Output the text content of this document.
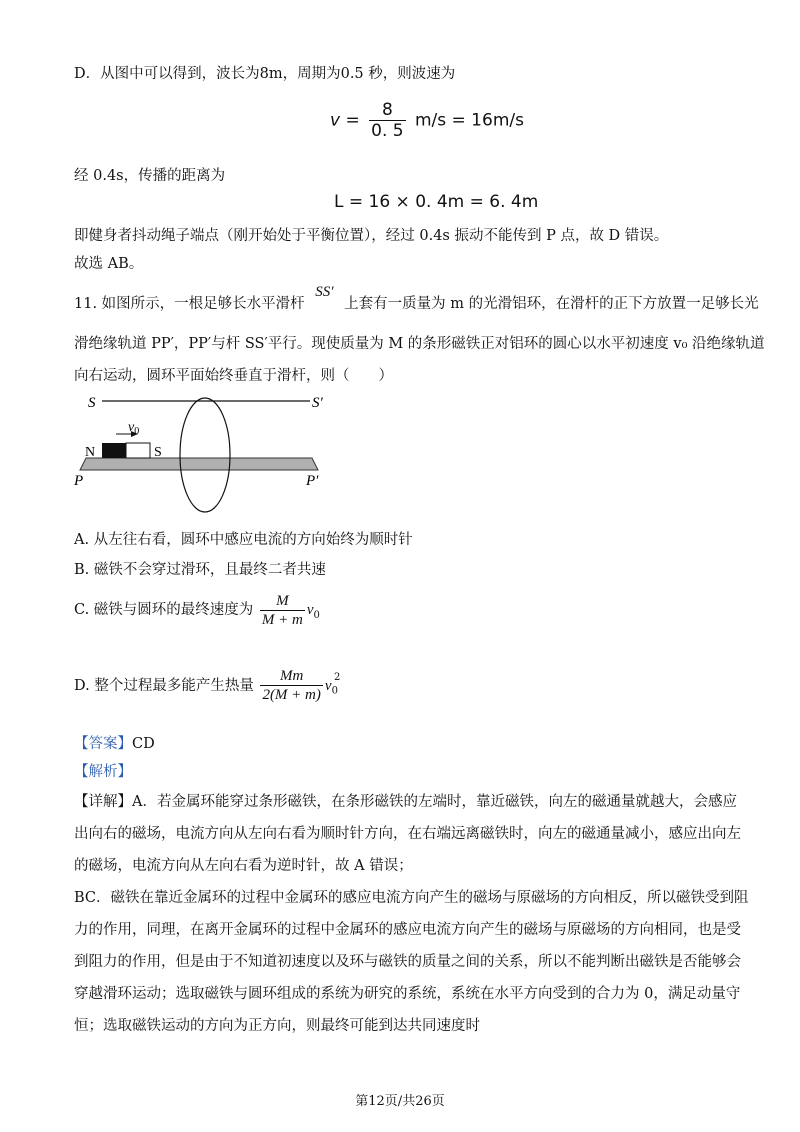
D．从图中可以得到，波长为8m，周期为0.5 秒，则波速为
$v = \frac{8}{0. 5} m/s = 16m/s$
经 0.4s，传播的距离为
L = 16 × 0. 4m = 6. 4m
即健身者抖动绳子端点（刚开始处于平衡位置），经过 0.4s 振动不能传到 P 点，故 D 错误。
故选 AB。
11. 如图所示，一根足够长水平滑杆 SS′ 上套有一质量为 m 的光滑铝环，在滑杆的正下方放置一足够长光
滑绝缘轨道 PP′，PP′与杆 SS′平行。现使质量为 M 的条形磁铁正对铝环的圆心以水平初速度 v₀ 沿绝缘轨道
向右运动，圆环平面始终垂直于滑杆，则（　　）
S	S′
P	P′
N	S
$v_0$
A. 从左往右看，圆环中感应电流的方向始终为顺时针
B. 磁铁不会穿过滑环，且最终二者共速
C. 磁铁与圆环的最终速度为 $\frac{M}{M + m} v_0$
D. 整个过程最多能产生热量 $\frac{Mm}{2(M + m)} v_0^2$
【答案】CD
【解析】
【详解】A．若金属环能穿过条形磁铁，在条形磁铁的左端时，靠近磁铁，向左的磁通量就越大，会感应
出向右的磁场，电流方向从左向右看为顺时针方向，在右端远离磁铁时，向左的磁通量减小，感应出向左
的磁场，电流方向从左向右看为逆时针，故 A 错误；
BC．磁铁在靠近金属环的过程中金属环的感应电流方向产生的磁场与原磁场的方向相反，所以磁铁受到阻
力的作用，同理，在离开金属环的过程中金属环的感应电流方向产生的磁场与原磁场的方向相同，也是受
到阻力的作用，但是由于不知道初速度以及环与磁铁的质量之间的关系，所以不能判断出磁铁是否能够会
穿越滑环运动；选取磁铁与圆环组成的系统为研究的系统，系统在水平方向受到的合力为 0，满足动量守
恒；选取磁铁运动的方向为正方向，则最终可能到达共同速度时
第12页/共26页
